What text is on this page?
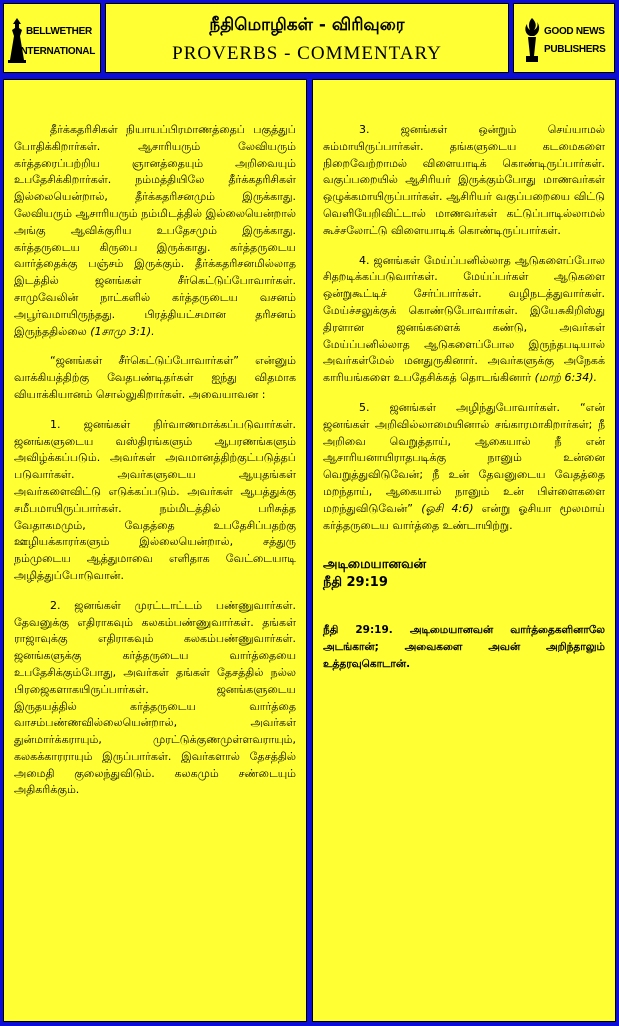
BELLWETHER
INTERNATIONAL
நீதிமொழிகள் - விரிவுரை
PROVERBS - COMMENTARY
GOOD NEWS
PUBLISHERS

தீர்க்கதரிசிகள் நியாயப்பிரமாணத்தைப் பகுத்துப் போதிக்கிறார்கள். ஆசாரியரும் லேவியரும் கர்த்தரைப்பற்றிய ஞானத்தையும் அறிவையும் உபதேசிக்கிறார்கள். நம்மத்தியிலே தீர்க்கதரிசிகள் இல்லையென்றால், தீர்க்கதரிசனமும் இருக்காது. லேவியரும் ஆசாரியரும் நம்மிடத்தில் இல்லையென்றால் அங்கு ஆவிக்குரிய உபதேசமும் இருக்காது. கர்த்தருடைய கிருபை இருக்காது. கர்த்தருடைய வார்த்தைக்கு பஞ்சம் இருக்கும். தீர்க்கதரிசனமில்லாத இடத்தில் ஜனங்கள் சீர்கெட்டுப்போவார்கள். சாமுவேலின் நாட்களில் கர்த்தருடைய வசனம் அபூர்வமாயிருந்தது. பிரத்தியட்சமான தரிசனம் இருந்ததில்லை (1சாமு 3:1).

“ஜனங்கள் சீர்கெட்டுப்போவார்கள்” என்னும் வாக்கியத்திற்கு வேதபண்டிதர்கள் ஐந்து விதமாக வியாக்கியானம் சொல்லுகிறார்கள். அவையாவன :

1. ஜனங்கள் நிர்வாணமாக்கப்படுவார்கள். ஜனங்களுடைய வஸ்திரங்களும் ஆபரணங்களும் அவிழ்க்கப்படும். அவர்கள் அவமானத்திற்குட்படுத்தப் படுவார்கள். அவர்களுடைய ஆயுதங்கள் அவர்களைவிட்டு எடுக்கப்படும். அவர்கள் ஆபத்துக்கு சமீபமாயிருப்பார்கள். நம்மிடத்தில் பரிசுத்த வேதாகமமும், வேதத்தை உபதேசிப்பதற்கு ஊழியக்காரர்களும் இல்லையென்றால், சத்துரு நம்முடைய ஆத்துமாவை எளிதாக வேட்டையாடி அழித்துப்போடுவான்.

2. ஜனங்கள் முரட்டாட்டம் பண்ணுவார்கள். தேவனுக்கு எதிராகவும் கலகம்பண்ணுவார்கள். தங்கள் ராஜாவுக்கு எதிராகவும் கலகம்பண்ணுவார்கள். ஜனங்களுக்கு கர்த்தருடைய வார்த்தையை உபதேசிக்கும்போது, அவர்கள் தங்கள் தேசத்தில் நல்ல பிரஜைகளாகயிருப்பார்கள். ஜனங்களுடைய இருதயத்தில் கர்த்தருடைய வார்த்தை வாசம்பண்ணவில்லையென்றால், அவர்கள் துன்மார்க்கராயும், முரட்டுக்குணமுள்ளவராயும், கலகக்காரராயும் இருப்பார்கள். இவர்களால் தேசத்தில் அமைதி குலைந்துவிடும். கலகமும் சண்டையும் அதிகரிக்கும்.

3. ஜனங்கள் ஒன்றும் செய்யாமல் சும்மாயிருப்பார்கள். தங்களுடைய கடமைகளை நிறைவேற்றாமல் விளையாடிக் கொண்டிருப்பார்கள். வகுப்பறையில் ஆசிரியர் இருக்கும்போது மாணவர்கள் ஒழுக்கமாயிருப்பார்கள். ஆசிரியர் வகுப்பறையை விட்டு வெளியேறிவிட்டால் மாணவர்கள் கட்டுப்பாடில்லாமல் கூச்சலோட்டு விளையாடிக் கொண்டிருப்பார்கள்.

4. ஜனங்கள் மேய்ப்பனில்லாத ஆடுகளைப்போல சிதறடிக்கப்படுவார்கள். மேய்ப்பர்கள் ஆடுகளை ஒன்றுகூட்டிச் சேர்ப்பார்கள். வழிநடத்துவார்கள். மேய்ச்சலுக்குக் கொண்டுபோவார்கள். இயேசுகிறிஸ்து திரளான ஜனங்களைக் கண்டு, அவர்கள் மேய்ப்பனில்லாத ஆடுகளைப்போல இருந்தபடியால் அவர்கள்மேல் மனதுருகினார். அவர்களுக்கு அநேகக் காரியங்களை உபதேசிக்கத் தொடங்கினார் (மாற் 6:34).

5. ஜனங்கள் அழிந்துபோவார்கள். “என் ஜனங்கள் அறிவில்லாமையினால் சங்காரமாகிறார்கள்; நீ அறிவை வெறுத்தாய், ஆகையால் நீ என் ஆசாரியனாயிராதபடிக்கு நானும் உன்னை வெறுத்துவிடுவேன்; நீ உன் தேவனுடைய வேதத்தை மறந்தாய், ஆகையால் நானும் உன் பிள்ளைகளை மறந்துவிடுவேன்” (ஓசி 4:6) என்று ஓசியா மூலமாய் கர்த்தருடைய வார்த்தை உண்டாயிற்று.

அடிமையானவன்
நீதி 29:19
நீதி 29:19. அடிமையானவன் வார்த்தைகளினாலே அடங்கான்; அவைகளை அவன் அறிந்தாலும் உத்தரவுகொடான்.
